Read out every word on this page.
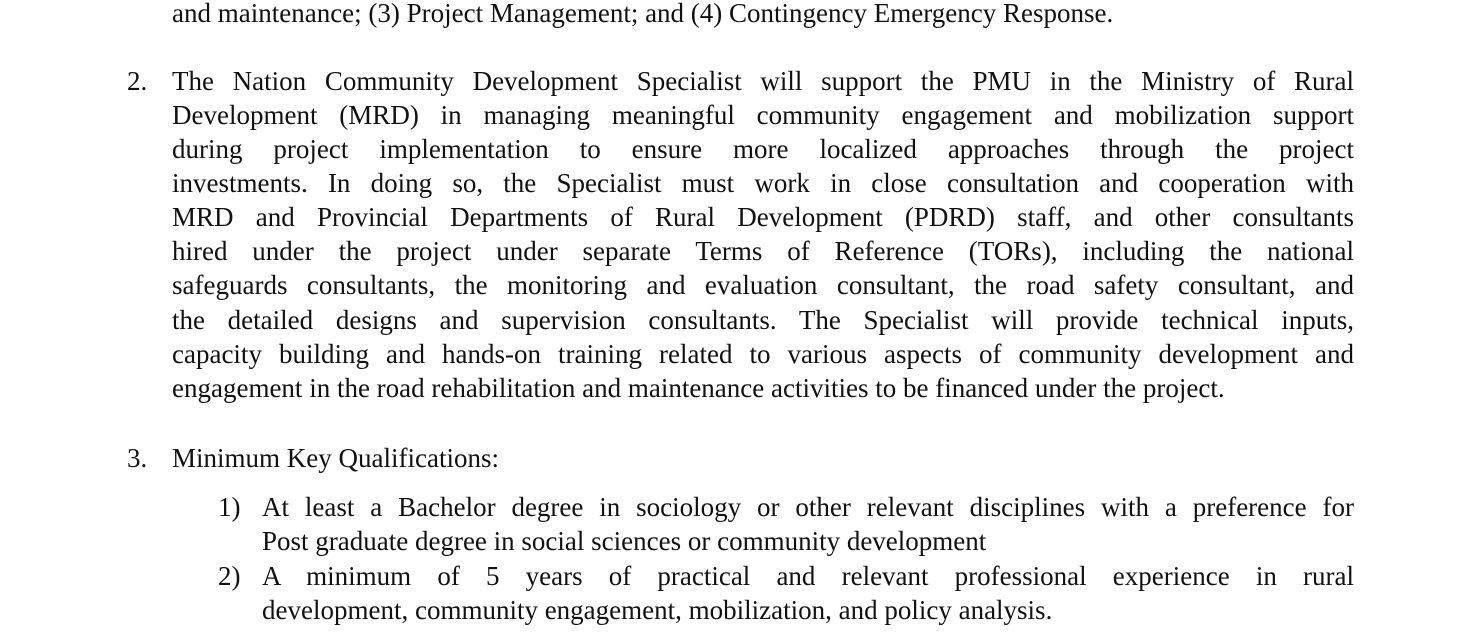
and maintenance; (3) Project Management; and (4) Contingency Emergency Response.
2. The Nation Community Development Specialist will support the PMU in the Ministry of Rural
Development (MRD) in managing meaningful community engagement and mobilization support
during project implementation to ensure more localized approaches through the project
investments. In doing so, the Specialist must work in close consultation and cooperation with
MRD and Provincial Departments of Rural Development (PDRD) staff, and other consultants
hired under the project under separate Terms of Reference (TORs), including the national
safeguards consultants, the monitoring and evaluation consultant, the road safety consultant, and
the detailed designs and supervision consultants. The Specialist will provide technical inputs,
capacity building and hands-on training related to various aspects of community development and
engagement in the road rehabilitation and maintenance activities to be financed under the project.
3. Minimum Key Qualifications:
1) At least a Bachelor degree in sociology or other relevant disciplines with a preference for
Post graduate degree in social sciences or community development
2) A minimum of 5 years of practical and relevant professional experience in rural
development, community engagement, mobilization, and policy analysis.
